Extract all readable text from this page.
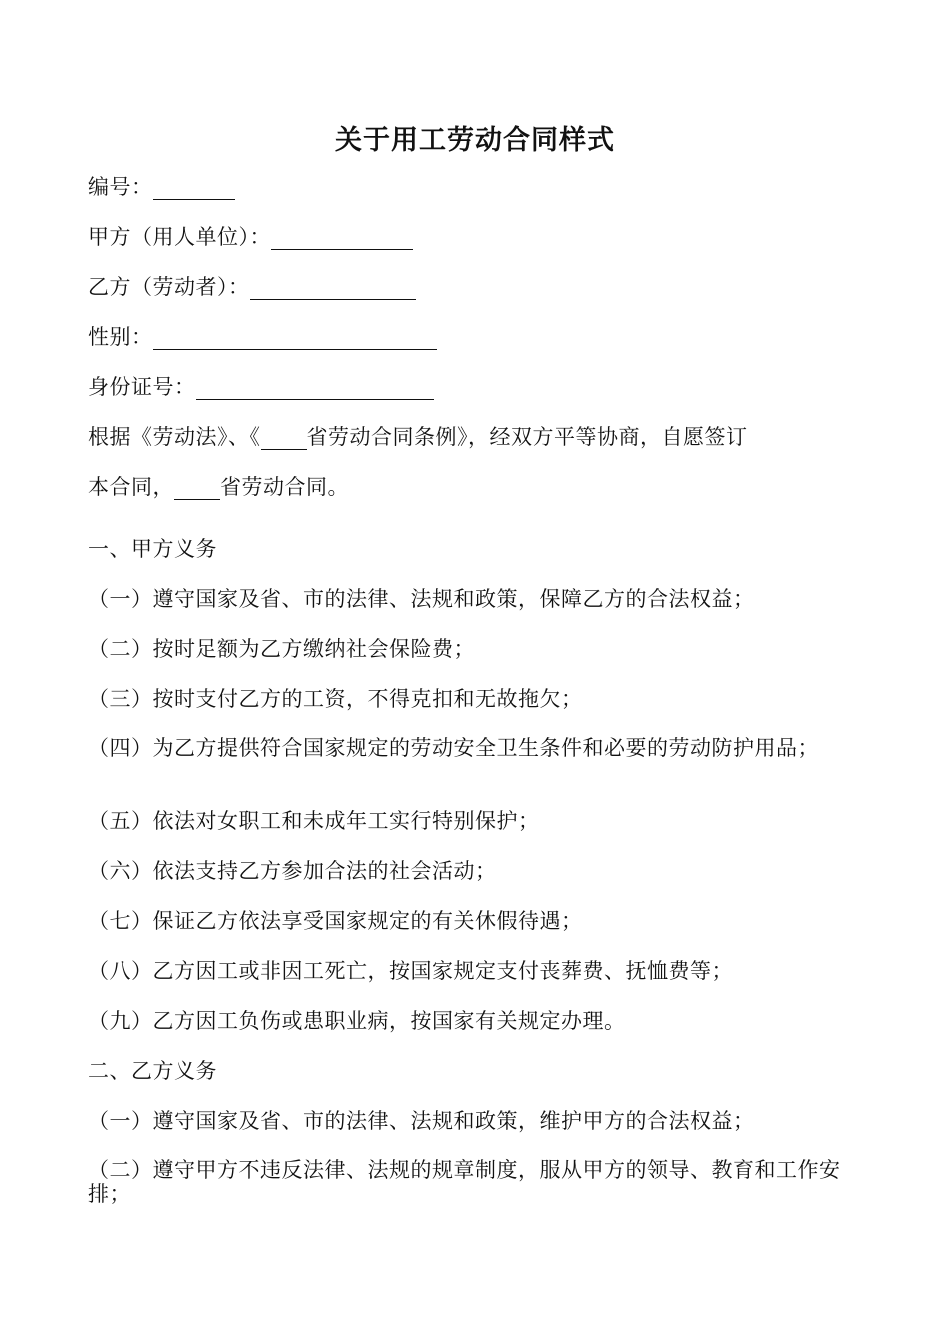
关于用工劳动合同样式
编号：
甲方（用人单位）：
乙方（劳动者）：
性别：
身份证号：
根据《劳动法》、《 省劳动合同条例》，经双方平等协商，自愿签订
本合同， 省劳动合同。
一、甲方义务
（一）遵守国家及省、市的法律、法规和政策，保障乙方的合法权益；
（二）按时足额为乙方缴纳社会保险费；
（三）按时支付乙方的工资，不得克扣和无故拖欠；
（四）为乙方提供符合国家规定的劳动安全卫生条件和必要的劳动防护用品；
（五）依法对女职工和未成年工实行特别保护；
（六）依法支持乙方参加合法的社会活动；
（七）保证乙方依法享受国家规定的有关休假待遇；
（八）乙方因工或非因工死亡，按国家规定支付丧葬费、抚恤费等；
（九）乙方因工负伤或患职业病，按国家有关规定办理。
二、乙方义务
（一）遵守国家及省、市的法律、法规和政策，维护甲方的合法权益；
（二）遵守甲方不违反法律、法规的规章制度，服从甲方的领导、教育和工作安排；
